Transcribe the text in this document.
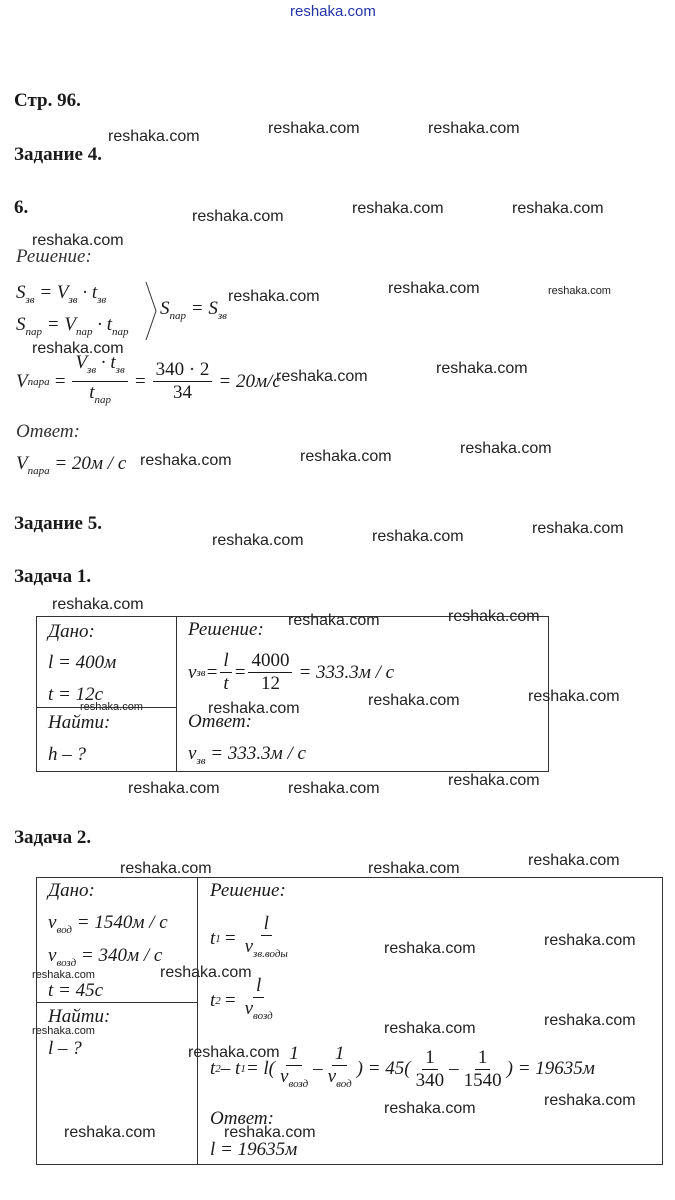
reshaka.com
Стр. 96.
Задание 4.
6.
Решение:
$S_{зв} = V_{зв} \cdot t_{зв}$
$S_{пар} = V_{пар} \cdot t_{пар}$
$S_{пар} = S_{зв}$
V пара = $\frac{V_{зв} \cdot t_{зв}}{t_{пар}} = \frac{340 \cdot 2}{34} = 20м/с$
Ответ:
$V_{пара} = 20м / с$
Задание 5.
Задача 1.
Дано:
l = 400м
t = 12с
Найти:
h – ?
Решение:
v зв = $\frac{l}{t} = \frac{4000}{12} = 333.3м / с$
Ответ:
$v_{зв} = 333.3м / с$
Задача 2.
Дано:
$v_{вод} = 1540м / с$
$v_{возд} = 340м / с$
t = 45с
Найти:
l – ?
Решение:
t $1 = \frac{l}{v_{зв.воды}}$
t $2 = \frac{l}{v_{возд}}$
t 2 – t $1 = l( \frac{1}{v_{возд}} - \frac{1}{v_{вод}}$ ) = $45( \frac{1}{340} - \frac{1}{1540}$ ) = 19635м
Ответ:
l = 19635м
reshaka.com	reshaka.com	reshaka.com
reshaka.com	reshaka.com	reshaka.com
reshaka.com
reshaka.com	reshaka.com	reshaka.com
reshaka.com
reshaka.com	reshaka.com
reshaka.com	reshaka.com	reshaka.com
reshaka.com	reshaka.com	reshaka.com
reshaka.com
reshaka.com	reshaka.com
reshaka.com	reshaka.com	reshaka.com	reshaka.com
reshaka.com	reshaka.com	reshaka.com
reshaka.com	reshaka.com	reshaka.com
reshaka.com	reshaka.com
reshaka.com	reshaka.com
reshaka.com	reshaka.com	reshaka.com
reshaka.com
reshaka.com	reshaka.com
reshaka.com	reshaka.com
